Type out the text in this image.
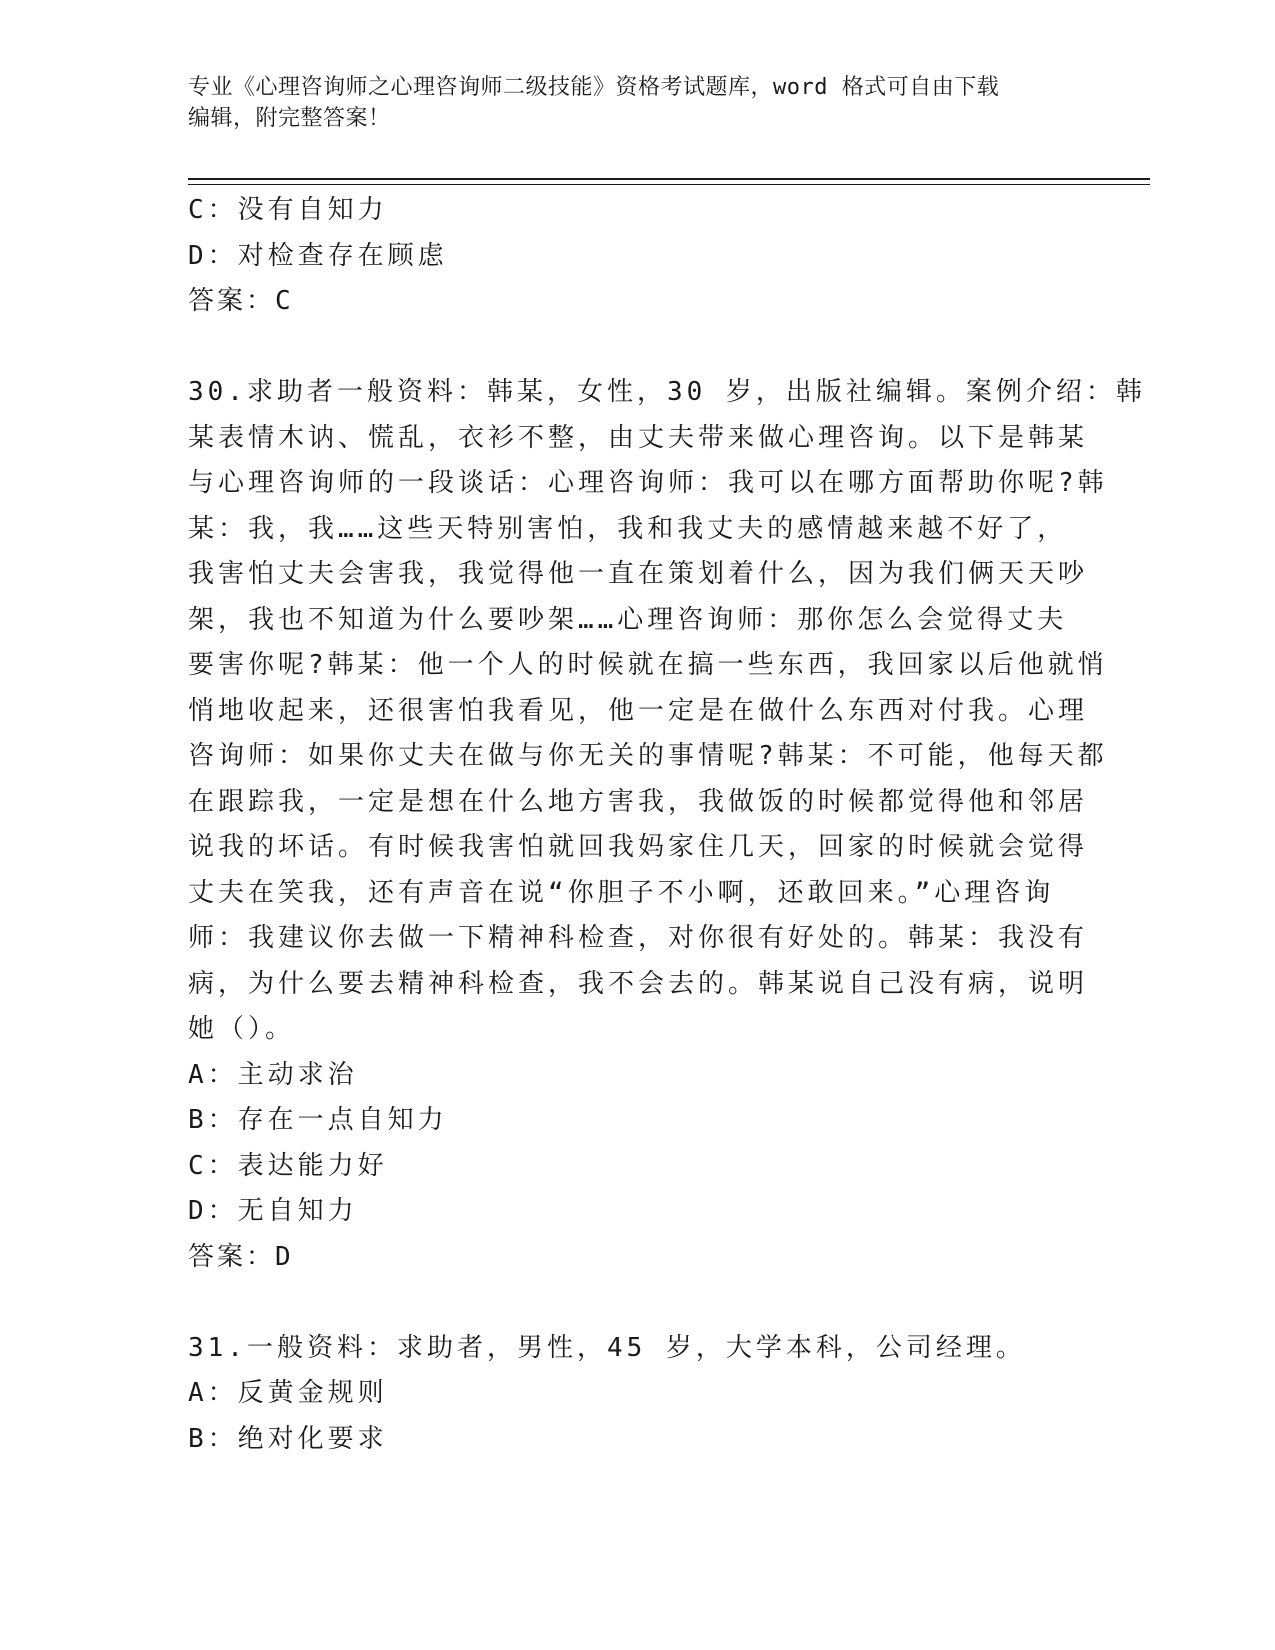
专业《心理咨询师之心理咨询师二级技能》资格考试题库，word 格式可自由下载
编辑，附完整答案！
C：没有自知力
D：对检查存在顾虑
答案：C
30.求助者一般资料：韩某，女性，30 岁，出版社编辑。案例介绍：韩
某表情木讷、慌乱，衣衫不整，由丈夫带来做心理咨询。以下是韩某
与心理咨询师的一段谈话：心理咨询师：我可以在哪方面帮助你呢?韩
某：我，我……这些天特别害怕，我和我丈夫的感情越来越不好了，
我害怕丈夫会害我，我觉得他一直在策划着什么，因为我们俩天天吵
架，我也不知道为什么要吵架……心理咨询师：那你怎么会觉得丈夫
要害你呢?韩某：他一个人的时候就在搞一些东西，我回家以后他就悄
悄地收起来，还很害怕我看见，他一定是在做什么东西对付我。心理
咨询师：如果你丈夫在做与你无关的事情呢?韩某：不可能，他每天都
在跟踪我，一定是想在什么地方害我，我做饭的时候都觉得他和邻居
说我的坏话。有时候我害怕就回我妈家住几天，回家的时候就会觉得
丈夫在笑我，还有声音在说“你胆子不小啊，还敢回来。”心理咨询
师：我建议你去做一下精神科检查，对你很有好处的。韩某：我没有
病，为什么要去精神科检查，我不会去的。韩某说自己没有病，说明
她（）。
A：主动求治
B：存在一点自知力
C：表达能力好
D：无自知力
答案：D
31.一般资料：求助者，男性，45 岁，大学本科，公司经理。
A：反黄金规则
B：绝对化要求
